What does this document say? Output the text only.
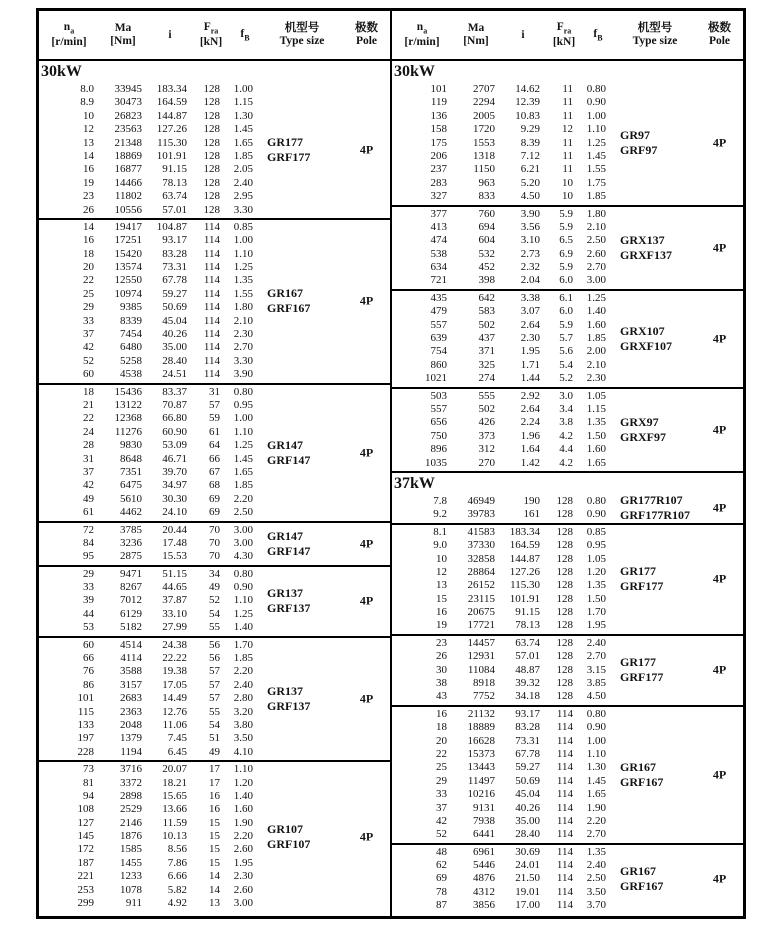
$n_a$
[r/min]
Ma
[Nm]
i
$F_{ra}$
[kN]
$f_B$
机型号
Type size
极数
Pole
30kW
8.0	33945	183.34	128	1.00
8.9	30473	164.59	128	1.15
10	26823	144.87	128	1.30
12	23563	127.26	128	1.45
13	21348	115.30	128	1.65
14	18869	101.91	128	1.85
16	16877	91.15	128	2.05
19	14466	78.13	128	2.40
23	11802	63.74	128	2.95
26	10556	57.01	128	3.30
GR177
GRF177
4P
14	19417	104.87	114	0.85
16	17251	93.17	114	1.00
18	15420	83.28	114	1.10
20	13574	73.31	114	1.25
22	12550	67.78	114	1.35
25	10974	59.27	114	1.55
29	9385	50.69	114	1.80
33	8339	45.04	114	2.10
37	7454	40.26	114	2.30
42	6480	35.00	114	2.70
52	5258	28.40	114	3.30
60	4538	24.51	114	3.90
GR167
GRF167
4P
18	15436	83.37	31	0.80
21	13122	70.87	57	0.95
22	12368	66.80	59	1.00
24	11276	60.90	61	1.10
28	9830	53.09	64	1.25
31	8648	46.71	66	1.45
37	7351	39.70	67	1.65
42	6475	34.97	68	1.85
49	5610	30.30	69	2.20
61	4462	24.10	69	2.50
GR147
GRF147
4P
72	3785	20.44	70	3.00
84	3236	17.48	70	3.00
95	2875	15.53	70	4.30
GR147
GRF147
4P
29	9471	51.15	34	0.80
33	8267	44.65	49	0.90
39	7012	37.87	52	1.10
44	6129	33.10	54	1.25
53	5182	27.99	55	1.40
GR137
GRF137
4P
60	4514	24.38	56	1.70
66	4114	22.22	56	1.85
76	3588	19.38	57	2.20
86	3157	17.05	57	2.40
101	2683	14.49	57	2.80
115	2363	12.76	55	3.20
133	2048	11.06	54	3.80
197	1379	7.45	51	3.50
228	1194	6.45	49	4.10
GR137
GRF137
4P
73	3716	20.07	17	1.10
81	3372	18.21	17	1.20
94	2898	15.65	16	1.40
108	2529	13.66	16	1.60
127	2146	11.59	15	1.90
145	1876	10.13	15	2.20
172	1585	8.56	15	2.60
187	1455	7.86	15	1.95
221	1233	6.66	14	2.30
253	1078	5.82	14	2.60
299	911	4.92	13	3.00
GR107
GRF107
4P
$n_a$
[r/min]
Ma
[Nm]
i
$F_{ra}$
[kN]
$f_B$
机型号
Type size
极数
Pole
30kW
101	2707	14.62	11	0.80
119	2294	12.39	11	0.90
136	2005	10.83	11	1.00
158	1720	9.29	12	1.10
175	1553	8.39	11	1.25
206	1318	7.12	11	1.45
237	1150	6.21	11	1.55
283	963	5.20	10	1.75
327	833	4.50	10	1.85
GR97
GRF97
4P
377	760	3.90	5.9	1.80
413	694	3.56	5.9	2.10
474	604	3.10	6.5	2.50
538	532	2.73	6.9	2.60
634	452	2.32	5.9	2.70
721	398	2.04	6.0	3.00
GRX137
GRXF137
4P
435	642	3.38	6.1	1.25
479	583	3.07	6.0	1.40
557	502	2.64	5.9	1.60
639	437	2.30	5.7	1.85
754	371	1.95	5.6	2.00
860	325	1.71	5.4	2.10
1021	274	1.44	5.2	2.30
GRX107
GRXF107
4P
503	555	2.92	3.0	1.05
557	502	2.64	3.4	1.15
656	426	2.24	3.8	1.35
750	373	1.96	4.2	1.50
896	312	1.64	4.4	1.60
1035	270	1.42	4.2	1.65
GRX97
GRXF97
4P
37kW
7.8	46949	190	128	0.80
9.2	39783	161	128	0.90
GR177R107
GRF177R107
4P
8.1	41583	183.34	128	0.85
9.0	37330	164.59	128	0.95
10	32858	144.87	128	1.05
12	28864	127.26	128	1.20
13	26152	115.30	128	1.35
15	23115	101.91	128	1.50
16	20675	91.15	128	1.70
19	17721	78.13	128	1.95
GR177
GRF177
4P
23	14457	63.74	128	2.40
26	12931	57.01	128	2.70
30	11084	48.87	128	3.15
38	8918	39.32	128	3.85
43	7752	34.18	128	4.50
GR177
GRF177
4P
16	21132	93.17	114	0.80
18	18889	83.28	114	0.90
20	16628	73.31	114	1.00
22	15373	67.78	114	1.10
25	13443	59.27	114	1.30
29	11497	50.69	114	1.45
33	10216	45.04	114	1.65
37	9131	40.26	114	1.90
42	7938	35.00	114	2.20
52	6441	28.40	114	2.70
GR167
GRF167
4P
48	6961	30.69	114	1.35
62	5446	24.01	114	2.40
69	4876	21.50	114	2.50
78	4312	19.01	114	3.50
87	3856	17.00	114	3.70
GR167
GRF167
4P
